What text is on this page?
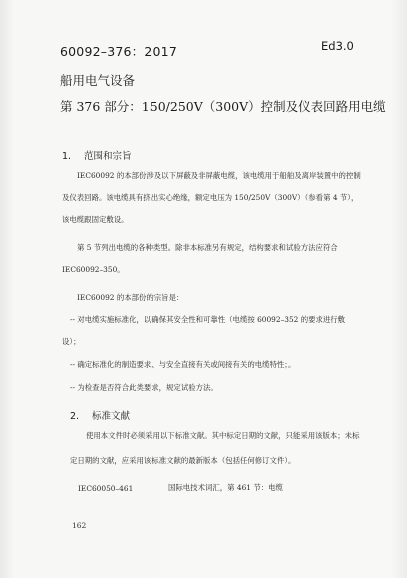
60092–376：2017	Ed3.0
船用电气设备
第 376 部分：150/250V（300V）控制及仪表回路用电缆
1. 范围和宗旨
IEC60092 的本部份涉及以下屏蔽及非屏蔽电缆，该电缆用于船舶及离岸装置中的控制
及仪表回路。该电缆具有挤出实心绝缘，额定电压为 150/250V（300V）（参看第 4 节），
该电缆跟固定敷设。
第 5 节列出电缆的各种类型。除非本标准另有规定，结构要求和试验方法应符合
IEC60092–350。
IEC60092 的本部份的宗旨是：
-- 对电缆实施标准化，以确保其安全性和可靠性（电缆按 60092–352 的要求进行敷
设）；
-- 确定标准化的制造要求、与安全直接有关或间接有关的电缆特性；。
-- 为检查是否符合此类要求，规定试验方法。
2. 标准文献
使用本文件时必须采用以下标准文献。其中标定日期的文献，只能采用该版本；未标
定日期的文献，应采用该标准文献的最新版本（包括任何修订文件）。
IEC60050–461	国际电技术词汇，第 461 节：电缆
162
